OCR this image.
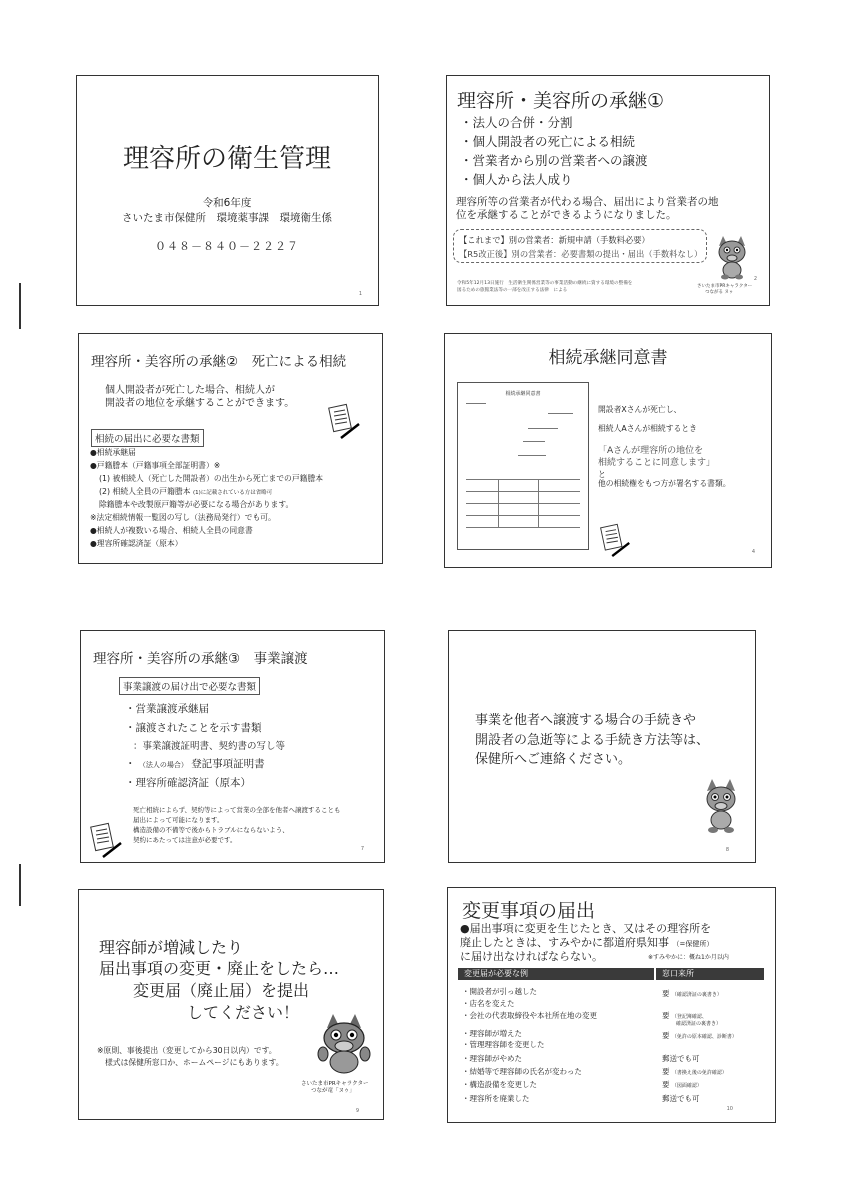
理容所の衛生管理
令和6年度
さいたま市保健所　環境薬事課　環境衛生係
０４８－８４０－２２２７
1
理容所・美容所の承継①
・法人の合併・分割
・個人開設者の死亡による相続
・営業者から別の営業者への譲渡
・個人から法人成り
理容所等の営業者が代わる場合、届出により営業者の地
位を承継することができるようになりました。
【これまで】別の営業者：新規申請（手数料必要）
【R5改正後】別の営業者：必要書類の提出・届出（手数料なし）
令和5年12月13日施行　生活衛生関係営業等の事業活動の継続に資する環境の整備を
図るための旅館業法等の一部を改正する法律　による
さいたま市PRキャラクター
つながる ヌゥ
2
理容所・美容所の承継②　死亡による相続
個人開設者が死亡した場合、相続人が
開設者の地位を承継することができます。
相続の届出に必要な書類
●相続承継届
●戸籍謄本（戸籍事項全部証明書）※
(1) 被相続人（死亡した開設者）の出生から死亡までの戸籍謄本
(2) 相続人全員の戸籍謄本 (1)に記載されている方は省略可
除籍謄本や改製原戸籍等が必要になる場合があります。
※法定相続情報一覧図の写し（法務局発行）でも可。
●相続人が複数いる場合、相続人全員の同意書
●理容所確認済証（原本）
相続承継同意書
相続承継同意書
開設者Xさんが死亡し、
相続人Aさんが相続するとき
「Aさんが理容所の地位を
相続することに同意します」
と
他の相続権をもつ方が署名する書類。
4
理容所・美容所の承継③　事業譲渡
事業譲渡の届け出で必要な書類
・営業譲渡承継届
・譲渡されたことを示す書類
：事業譲渡証明書、契約書の写し等
・ （法人の場合） 登記事項証明書
・理容所確認済証（原本）
死亡相続によらず、契約等によって営業の全部を他者へ譲渡することも
届出によって可能になります。
構造設備の不備等で後からトラブルにならないよう、
契約にあたっては注意が必要です。
7
事業を他者へ譲渡する場合の手続きや
開設者の急逝等による手続き方法等は、
保健所へご連絡ください。
8
理容師が増減したり
届出事項の変更・廃止をしたら…
変更届（廃止届）を提出
してください！
※原則、事後提出（変更してから30日以内）です。
様式は保健所窓口か、ホームページにもあります。
さいたま市PRキャラクター
つなが竜「ヌゥ」
9
変更事項の届出
●届出事項に変更を生じたとき、又はその理容所を
廃止したときは、すみやかに都道府県知事 （=保健所）
に届け出なければならない。	※すみやかに：概ね1か月以内
変更届が必要な例	窓口来所
・開設者が引っ越した
・店名を変えた
・会社の代表取締役や本社所在地の変更
・理容師が増えた
・管理理容師を変更した
・理容師がやめた
・結婚等で理容師の氏名が変わった
・構造設備を変更した
・理容所を廃業した
要 （確認済証の裏書き）
要 （登記簿確認、
確認済証の裏書き）
要 （免許の原本確認、診断書）
郵送でも可
要 （書換え後の免許確認）
要 （図面確認）
郵送でも可
10
